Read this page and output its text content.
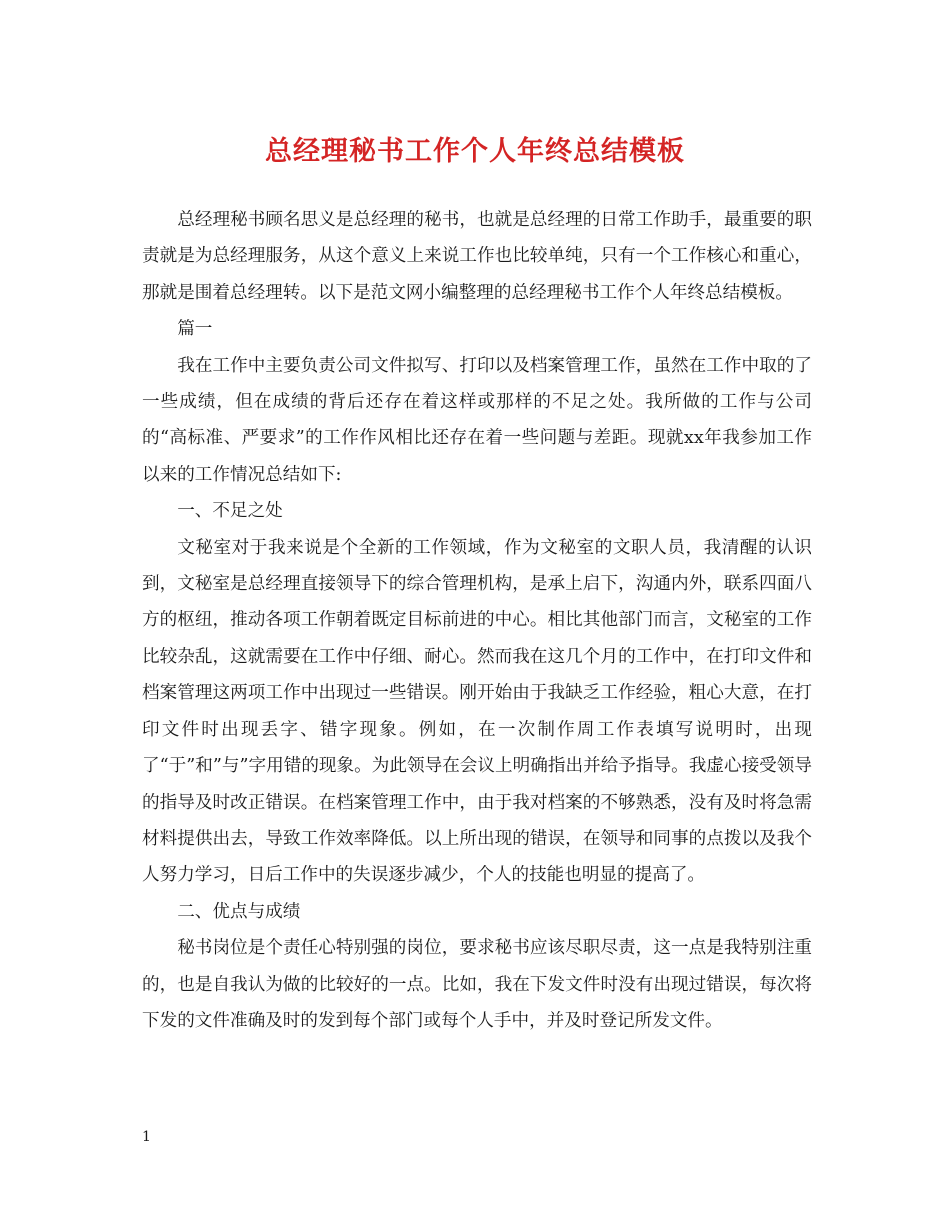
总经理秘书工作个人年终总结模板

总经理秘书顾名思义是总经理的秘书，也就是总经理的日常工作助手，最重要的职责就是为总经理服务，从这个意义上来说工作也比较单纯，只有一个工作核心和重心，那就是围着总经理转。以下是范文网小编整理的总经理秘书工作个人年终总结模板。

篇一

我在工作中主要负责公司文件拟写、打印以及档案管理工作，虽然在工作中取的了一些成绩，但在成绩的背后还存在着这样或那样的不足之处。我所做的工作与公司的“高标准、严要求”的工作作风相比还存在着一些问题与差距。现就xx年我参加工作以来的工作情况总结如下:

一、不足之处

文秘室对于我来说是个全新的工作领域，作为文秘室的文职人员，我清醒的认识到，文秘室是总经理直接领导下的综合管理机构，是承上启下，沟通内外，联系四面八方的枢纽，推动各项工作朝着既定目标前进的中心。相比其他部门而言，文秘室的工作比较杂乱，这就需要在工作中仔细、耐心。然而我在这几个月的工作中，在打印文件和档案管理这两项工作中出现过一些错误。刚开始由于我缺乏工作经验，粗心大意，在打印文件时出现丢字、错字现象。例如，在一次制作周工作表填写说明时，出现了“于”和”与”字用错的现象。为此领导在会议上明确指出并给予指导。我虚心接受领导的指导及时改正错误。在档案管理工作中，由于我对档案的不够熟悉，没有及时将急需材料提供出去，导致工作效率降低。以上所出现的错误，在领导和同事的点拨以及我个人努力学习，日后工作中的失误逐步减少，个人的技能也明显的提高了。

二、优点与成绩

秘书岗位是个责任心特别强的岗位，要求秘书应该尽职尽责，这一点是我特别注重的，也是自我认为做的比较好的一点。比如，我在下发文件时没有出现过错误，每次将下发的文件准确及时的发到每个部门或每个人手中，并及时登记所发文件。

1
